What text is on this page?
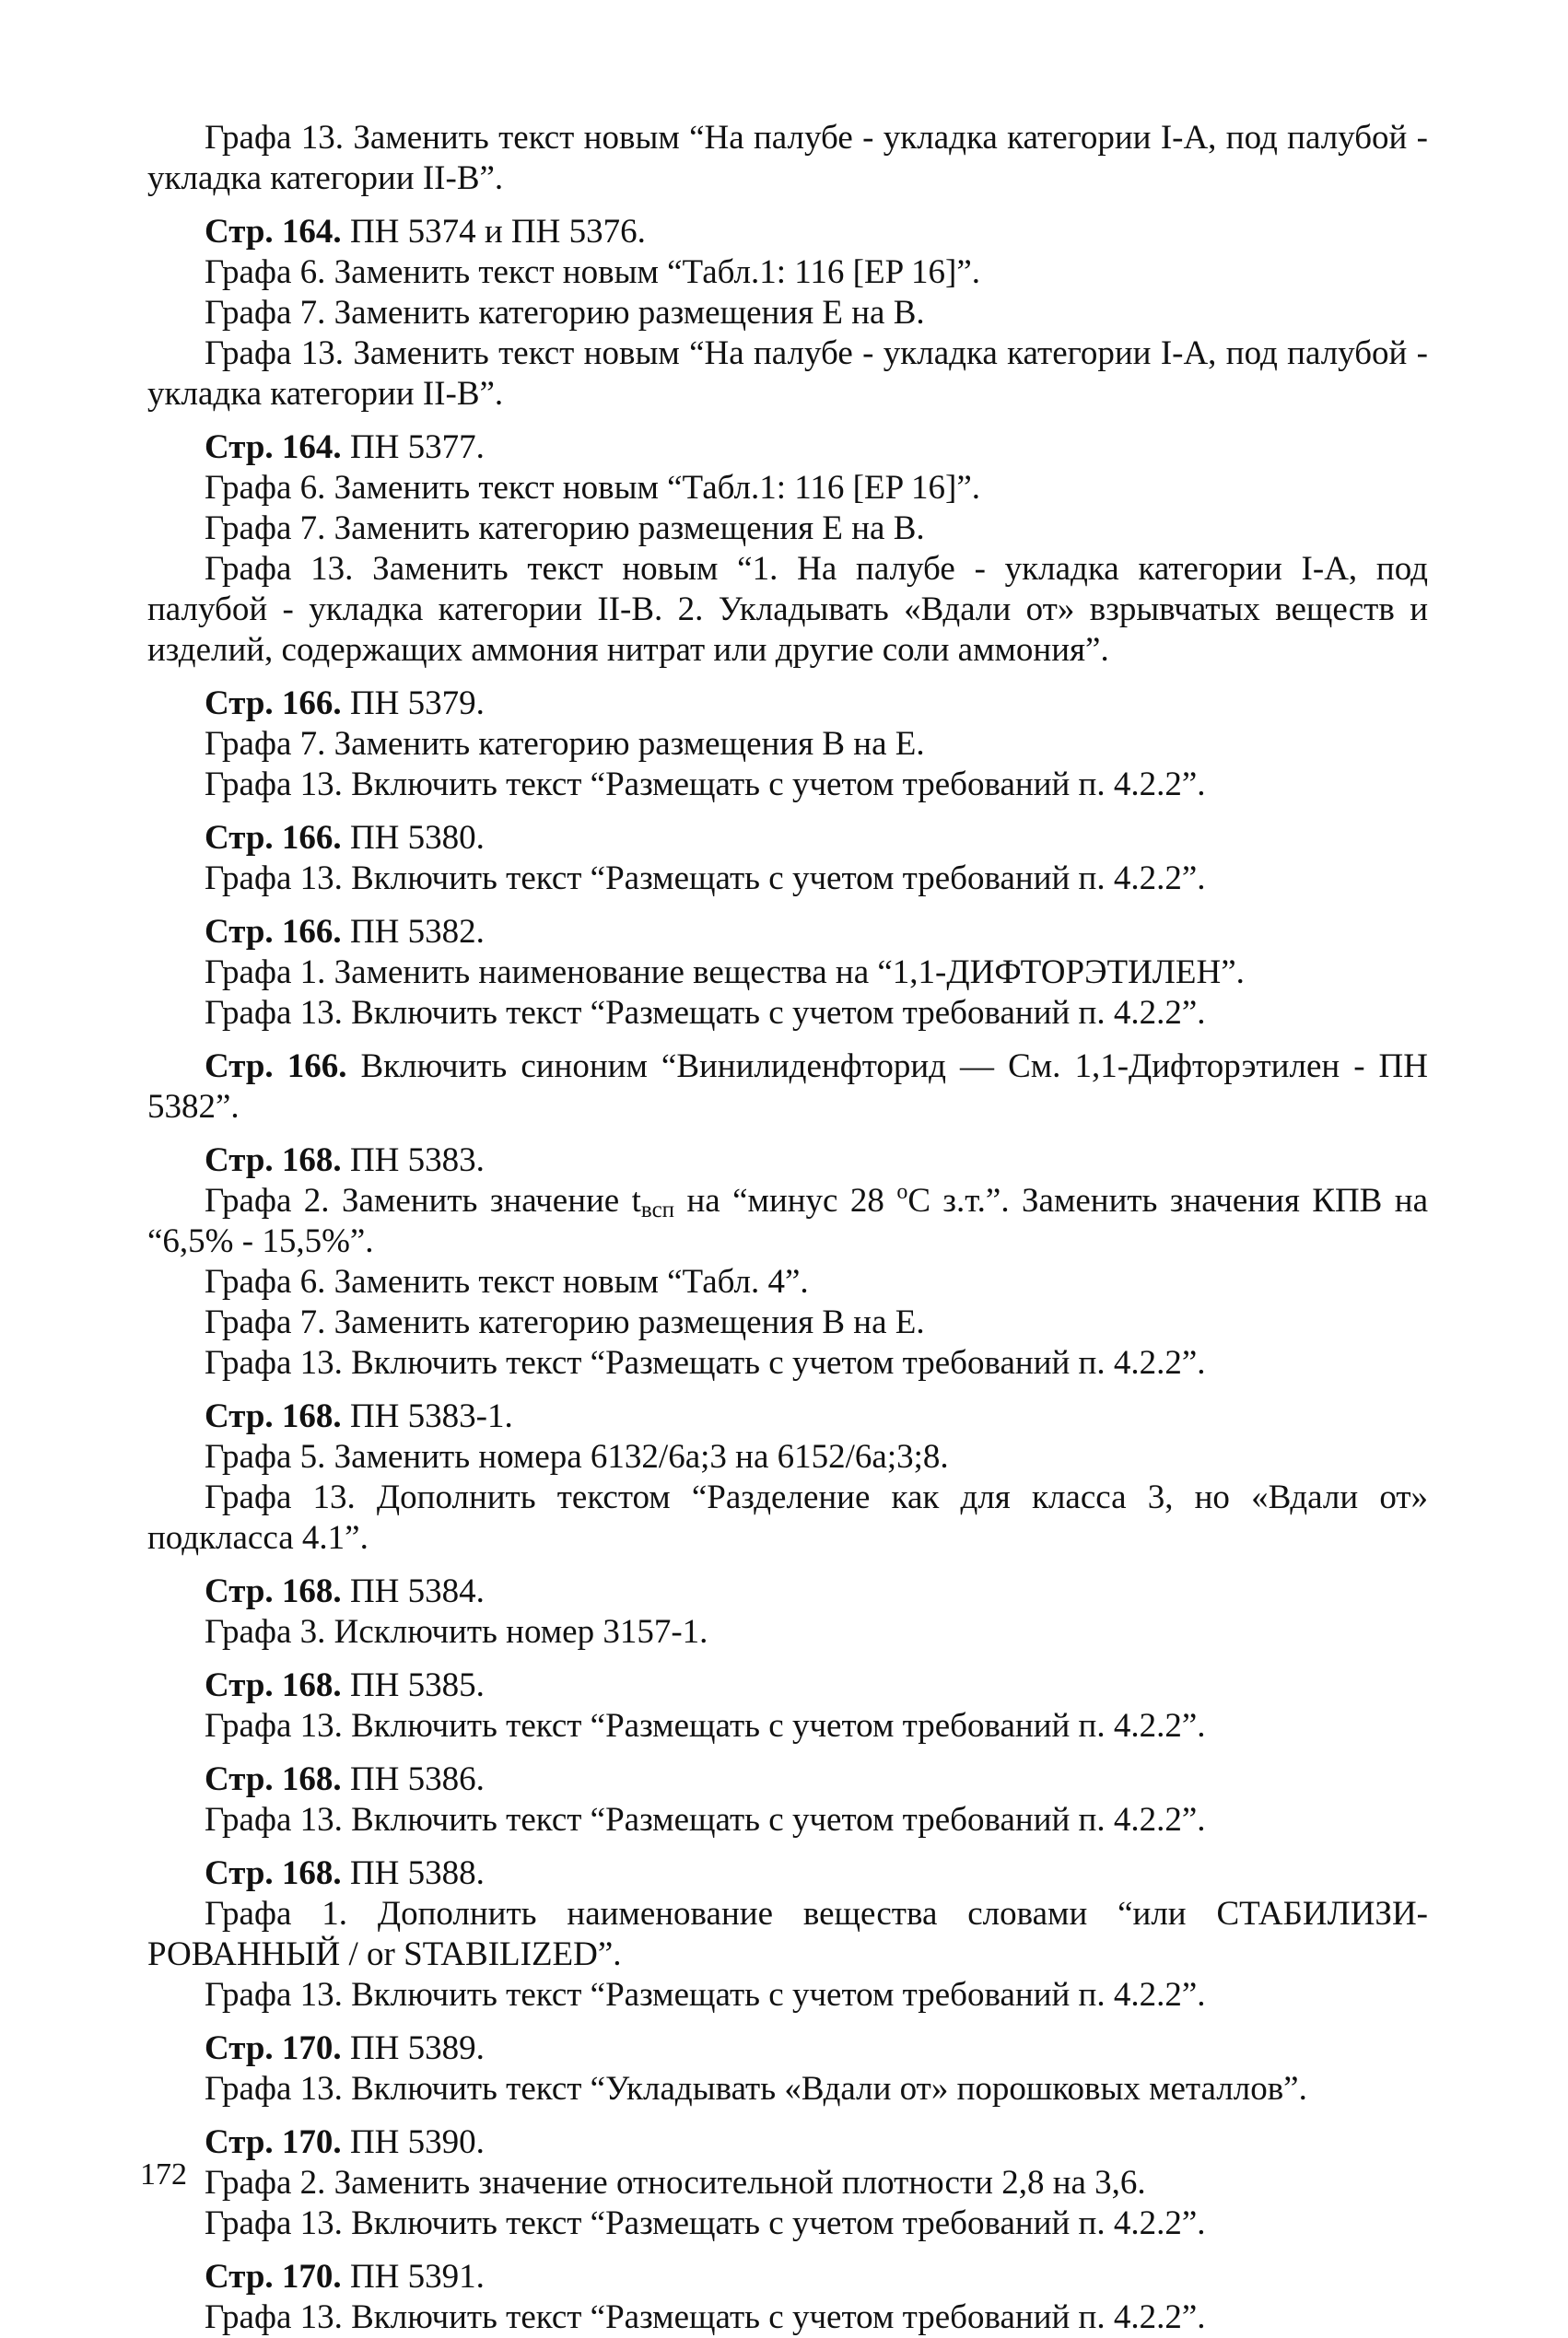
Графа 13. Заменить текст новым “На палубе - укладка категории I-A, под палубой - укладка категории II-B”.

Стр. 164. ПН 5374 и ПН 5376.

Графа 6. Заменить текст новым “Табл.1: 116 [EP 16]”.

Графа 7. Заменить категорию размещения Е на В.

Графа 13. Заменить текст новым “На палубе - укладка категории I-A, под палубой - укладка категории II-B”.

Стр. 164. ПН 5377.

Графа 6. Заменить текст новым “Табл.1: 116 [EP 16]”.

Графа 7. Заменить категорию размещения Е на В.

Графа 13. Заменить текст новым “1. На палубе - укладка категории I-A, под палубой - укладка категории II-B. 2. Укладывать «Вдали от» взрывчатых веществ и изделий, содержащих аммония нитрат или другие соли аммония”.

Стр. 166. ПН 5379.

Графа 7. Заменить категорию размещения В на Е.

Графа 13. Включить текст “Размещать с учетом требований п. 4.2.2”.

Стр. 166. ПН 5380.

Графа 13. Включить текст “Размещать с учетом требований п. 4.2.2”.

Стр. 166. ПН 5382.

Графа 1. Заменить наименование вещества на “1,1-ДИФТОРЭТИЛЕН”.

Графа 13. Включить текст “Размещать с учетом требований п. 4.2.2”.

Стр. 166. Включить синоним “Винилиденфторид — См. 1,1-Дифторэтилен - ПН 5382”.

Стр. 168. ПН 5383.

Графа 2. Заменить значение tвсп на “минус 28 $^o$C з.т.”. Заменить значения КПВ на “6,5% - 15,5%”.

Графа 6. Заменить текст новым “Табл. 4”.

Графа 7. Заменить категорию размещения В на Е.

Графа 13. Включить текст “Размещать с учетом требований п. 4.2.2”.

Стр. 168. ПН 5383-1.

Графа 5. Заменить номера 6132/6а;3 на 6152/6а;3;8.

Графа 13. Дополнить текстом “Разделение как для класса 3, но «Вдали от» подкласса 4.1”.

Стр. 168. ПН 5384.

Графа 3. Исключить номер 3157-1.

Стр. 168. ПН 5385.

Графа 13. Включить текст “Размещать с учетом требований п. 4.2.2”.

Стр. 168. ПН 5386.

Графа 13. Включить текст “Размещать с учетом требований п. 4.2.2”.

Стр. 168. ПН 5388.

Графа 1. Дополнить наименование вещества словами “или СТАБИЛИЗИ-РОВАННЫЙ / or STABILIZED”.

Графа 13. Включить текст “Размещать с учетом требований п. 4.2.2”.

Стр. 170. ПН 5389.

Графа 13. Включить текст “Укладывать «Вдали от» порошковых металлов”.

Стр. 170. ПН 5390.

Графа 2. Заменить значение относительной плотности 2,8 на 3,6.

Графа 13. Включить текст “Размещать с учетом требований п. 4.2.2”.

Стр. 170. ПН 5391.

Графа 13. Включить текст “Размещать с учетом требований п. 4.2.2”.

172
